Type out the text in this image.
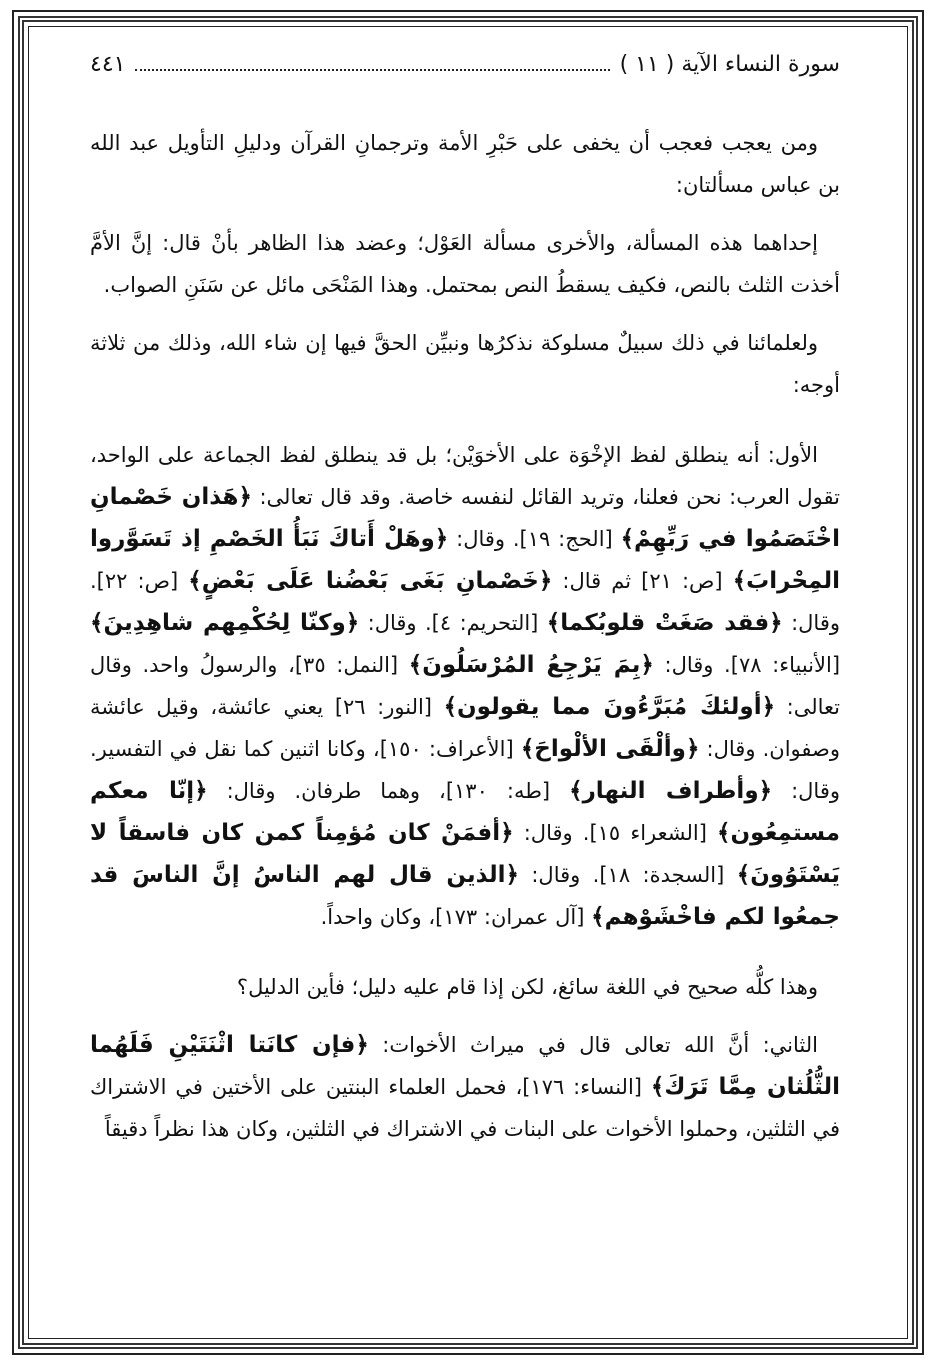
سورة النساء الآية ( ١١ )
٤٤١

ومن يعجب فعجب أن يخفى على حَبْرِ الأمة وترجمانِ القرآن ودليلِ التأويل عبد الله بن عباس مسألتان:

إحداهما هذه المسألة، والأخرى مسألة العَوْل؛ وعضد هذا الظاهر بأنْ قال: إنَّ الأمَّ أخذت الثلث بالنص، فكيف يسقطُ النص بمحتمل. وهذا المَنْحَى مائل عن سَنَنِ الصواب.

ولعلمائنا في ذلك سبيلٌ مسلوكة نذكرُها ونبيِّن الحقَّ فيها إن شاء الله، وذلك من ثلاثة أوجه:

الأول: أنه ينطلق لفظ الإخْوَة على الأخوَيْن؛ بل قد ينطلق لفظ الجماعة على الواحد، تقول العرب: نحن فعلنا، وتريد القائل لنفسه خاصة. وقد قال تعالى: ﴿هَذان خَصْمانِ اخْتَصَمُوا في رَبِّهِمْ﴾ [الحج: ١٩]. وقال: ﴿وهَلْ أَتاكَ نَبَأُ الخَصْمِ إذ تَسَوَّروا المِحْرابَ﴾ [ص: ٢١] ثم قال: ﴿خَصْمانِ بَغَى بَعْضُنا عَلَى بَعْضٍ﴾ [ص: ٢٢]. وقال: ﴿فقد صَغَتْ قلوبُكما﴾ [التحريم: ٤]. وقال: ﴿وكنّا لِحُكْمِهم شاهِدِينَ﴾ [الأنبياء: ٧٨]. وقال: ﴿بِمَ يَرْجِعُ المُرْسَلُونَ﴾ [النمل: ٣٥]، والرسولُ واحد. وقال تعالى: ﴿أولئكَ مُبَرَّءُونَ مما يقولون﴾ [النور: ٢٦] يعني عائشة، وقيل عائشة وصفوان. وقال: ﴿وألْقَى الألْواحَ﴾ [الأعراف: ١٥٠]، وكانا اثنين كما نقل في التفسير. وقال: ﴿وأطراف النهار﴾ [طه: ١٣٠]، وهما طرفان. وقال: ﴿إنّا معكم مستمِعُون﴾ [الشعراء ١٥]. وقال: ﴿أفمَنْ كان مُؤمِناً كمن كان فاسقاً لا يَسْتَوُونَ﴾ [السجدة: ١٨]. وقال: ﴿الذين قال لهم الناسُ إنَّ الناسَ قد جمعُوا لكم فاخْشَوْهم﴾ [آل عمران: ١٧٣]، وكان واحداً.

وهذا كلُّه صحيح في اللغة سائغ، لكن إذا قام عليه دليل؛ فأين الدليل؟

الثاني: أنَّ الله تعالى قال في ميراث الأخوات: ﴿فإن كانَتا اثْنَتَيْنِ فَلَهُما الثُّلُثان مِمَّا تَرَكَ﴾ [النساء: ١٧٦]، فحمل العلماء البنتين على الأختين في الاشتراك في الثلثين، وحملوا الأخوات على البنات في الاشتراك في الثلثين، وكان هذا نظراً دقيقاً
